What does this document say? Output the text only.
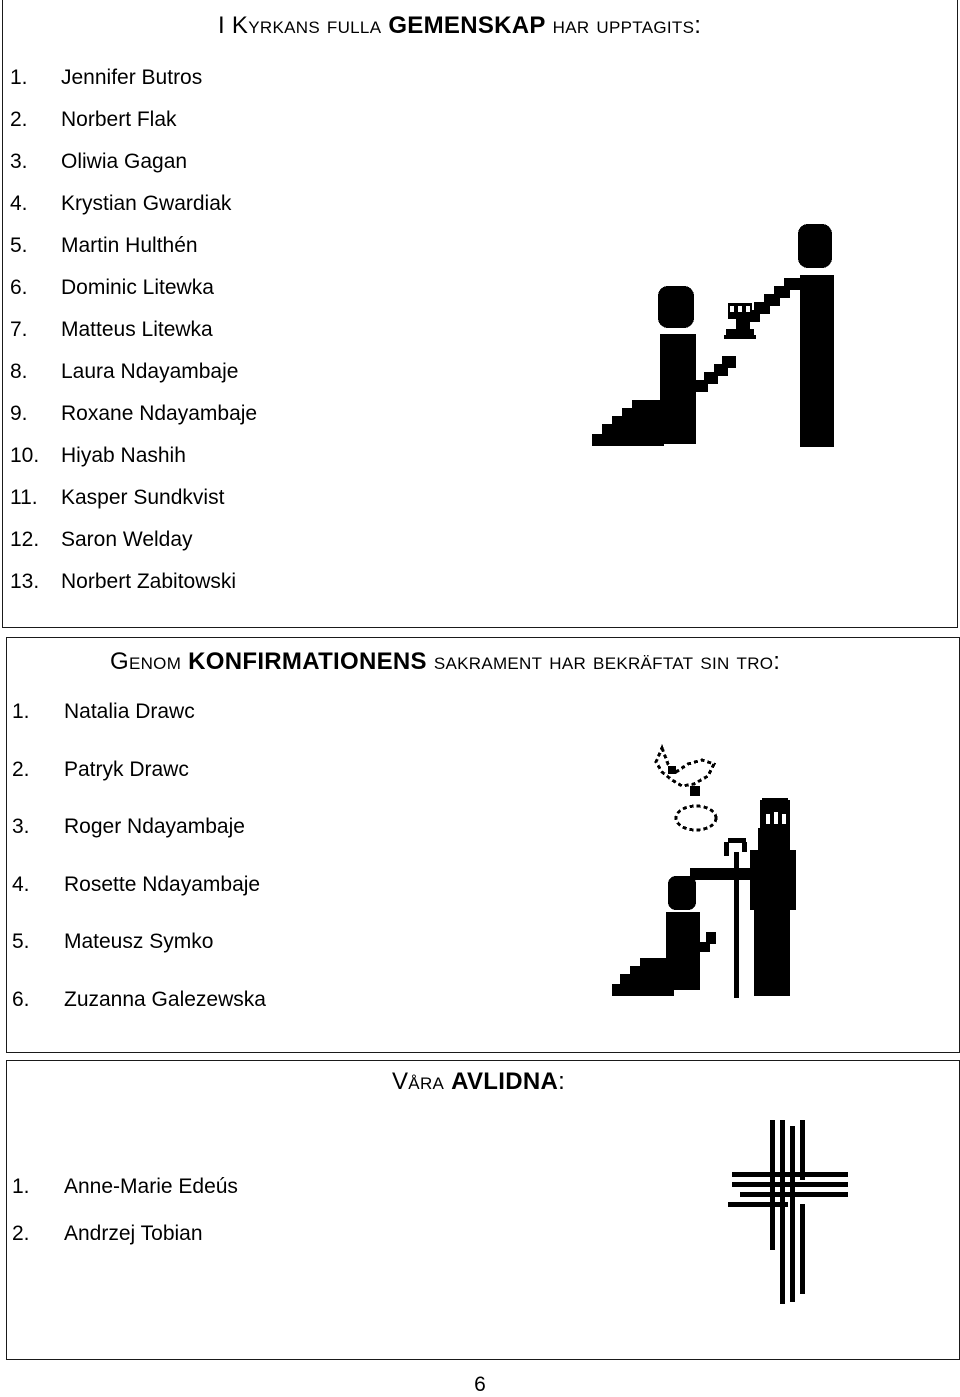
I Kyrkans fulla GEMENSKAP har upptagits:
1. Jennifer Butros
2. Norbert Flak
3. Oliwia Gagan
4. Krystian Gwardiak
5. Martin Hulthén
6. Dominic Litewka
7. Matteus Litewka
8. Laura Ndayambaje
9. Roxane Ndayambaje
10. Hiyab Nashih
11. Kasper Sundkvist
12. Saron Welday
13. Norbert Zabitowski
Genom KONFIRMATIONENS sakrament har bekräftat sin tro:
1. Natalia Drawc
2. Patryk Drawc
3. Roger Ndayambaje
4. Rosette Ndayambaje
5. Mateusz Symko
6. Zuzanna Galezewska
Våra AVLIDNA:
1. Anne-Marie Edeús
2. Andrzej Tobian
6
